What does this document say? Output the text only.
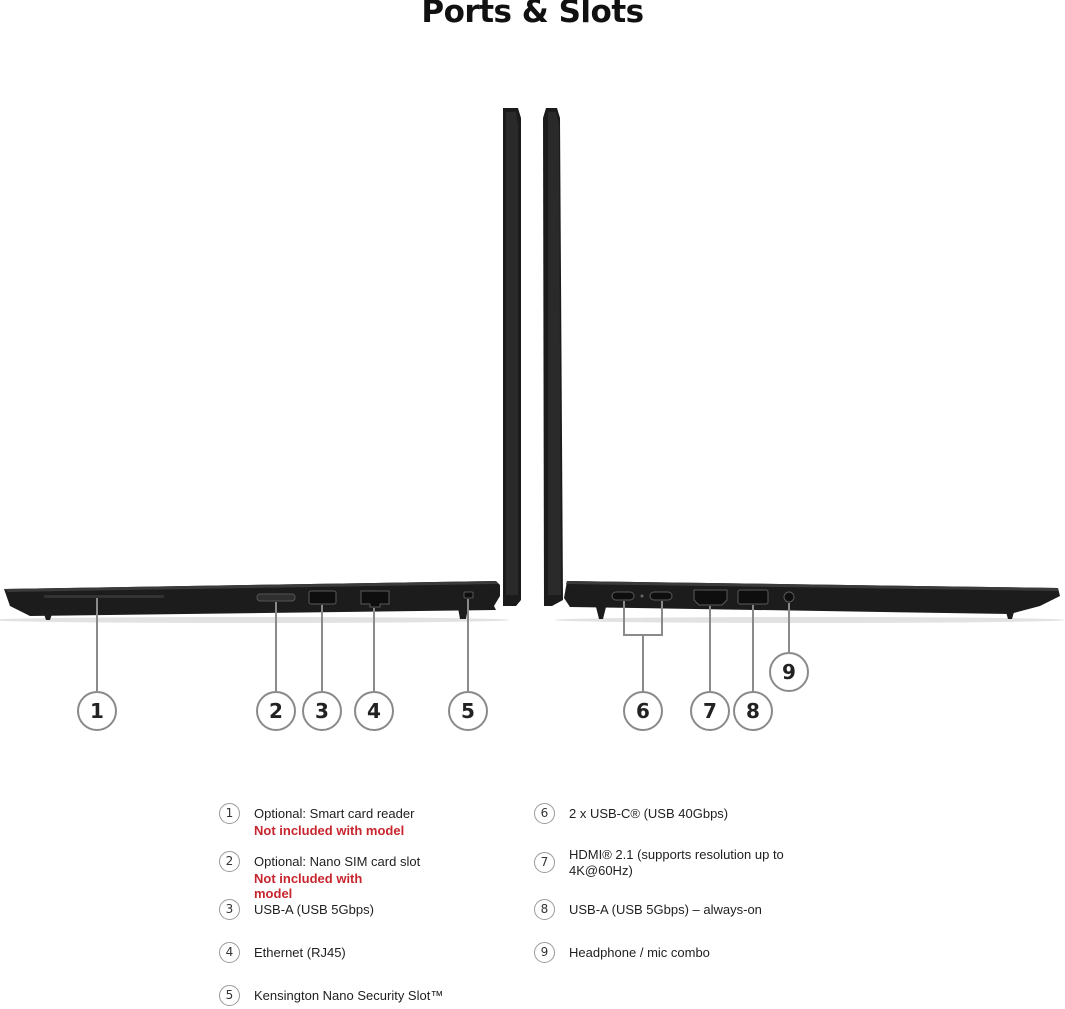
Ports & Slots
1	2 3 4	5	6	7 8
9
1	Optional: Smart card reader
Not included with model
2	Optional: Nano SIM card slot
Not included with model
3	USB-A (USB 5Gbps)
4	Ethernet (RJ45)
5	Kensington Nano Security Slot™
6	2 x USB-C® (USB 40Gbps)
7	HDMI® 2.1 (supports resolution up to 4K@60Hz)
8	USB-A (USB 5Gbps) – always-on
9	Headphone / mic combo
